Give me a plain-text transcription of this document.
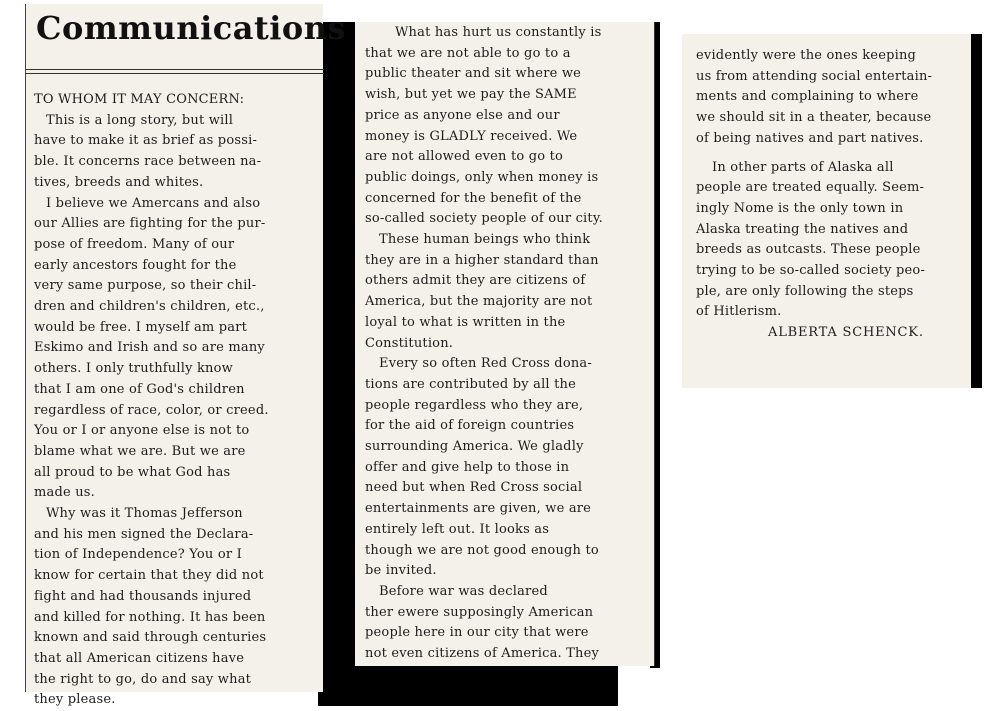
Communications

TO WHOM IT MAY CONCERN:

This is a long story, but will

have to make it as brief as possi-

ble. It concerns race between na-

tives, breeds and whites.

I believe we Amercans and also

our Allies are fighting for the pur-

pose of freedom. Many of our

early ancestors fought for the

very same purpose, so their chil-

dren and children's children, etc.,

would be free. I myself am part

Eskimo and Irish and so are many

others. I only truthfully know

that I am one of God's children

regardless of race, color, or creed.

You or I or anyone else is not to

blame what we are. But we are

all proud to be what God has

made us.

Why was it Thomas Jefferson

and his men signed the Declara-

tion of Independence? You or I

know for certain that they did not

fight and had thousands injured

and killed for nothing. It has been

known and said through centuries

that all American citizens have

the right to go, do and say what

they please.

What has hurt us constantly is

that we are not able to go to a

public theater and sit where we

wish, but yet we pay the SAME

price as anyone else and our

money is GLADLY received. We

are not allowed even to go to

public doings, only when money is

concerned for the benefit of the

so-called society people of our city.

These human beings who think

they are in a higher standard than

others admit they are citizens of

America, but the majority are not

loyal to what is written in the

Constitution.

Every so often Red Cross dona-

tions are contributed by all the

people regardless who they are,

for the aid of foreign countries

surrounding America. We gladly

offer and give help to those in

need but when Red Cross social

entertainments are given, we are

entirely left out. It looks as

though we are not good enough to

be invited.

Before war was declared

ther ewere supposingly American

people here in our city that were

not even citizens of America. They

evidently were the ones keeping

us from attending social entertain-

ments and complaining to where

we should sit in a theater, because

of being natives and part natives.

In other parts of Alaska all

people are treated equally. Seem-

ingly Nome is the only town in

Alaska treating the natives and

breeds as outcasts. These people

trying to be so-called society peo-

ple, are only following the steps

of Hitlerism.

ALBERTA SCHENCK.
